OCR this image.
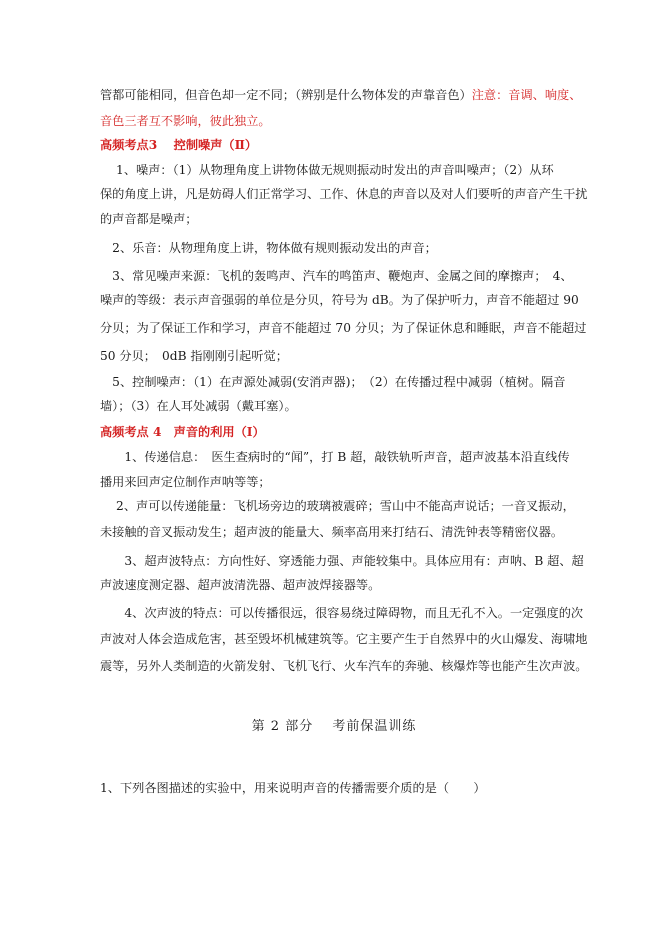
管都可能相同，但音色却一定不同；（辨别是什么物体发的声靠音色）注意：音调、响度、
音色三者互不影响，彼此独立。
高频考点3　 控制噪声（Ⅱ）
　 1、噪声：（1）从物理角度上讲物体做无规则振动时发出的声音叫噪声；（2）从环
保的角度上讲，凡是妨碍人们正常学习、工作、休息的声音以及对人们要听的声音产生干扰
的声音都是噪声；
　2、乐音：从物理角度上讲，物体做有规则振动发出的声音；
　3、常见噪声来源：飞机的轰鸣声、汽车的鸣笛声、鞭炮声、金属之间的摩擦声；　4、
噪声的等级：表示声音强弱的单位是分贝，符号为 dB。为了保护听力，声音不能超过 90
分贝；为了保证工作和学习，声音不能超过 70 分贝；为了保证休息和睡眠，声音不能超过
50 分贝；　0dB 指刚刚引起听觉；
　5、控制噪声：（1）在声源处减弱(安消声器)；　（2）在传播过程中减弱（植树。隔音
墙）；（3）在人耳处减弱（戴耳塞）。
高频考点 4　声音的利用（Ⅰ）
　　1、传递信息：　医生查病时的“闻”，打 B 超，敲铁轨听声音，超声波基本沿直线传
播用来回声定位制作声呐等等；
　 2、声可以传递能量：飞机场旁边的玻璃被震碎；雪山中不能高声说话；一音叉振动，
未接触的音叉振动发生；超声波的能量大、频率高用来打结石、清洗钟表等精密仪器。
　　3、超声波特点：方向性好、穿透能力强、声能较集中。具体应用有：声呐、B 超、超
声波速度测定器、超声波清洗器、超声波焊接器等。
　　4、次声波的特点：可以传播很远，很容易绕过障碍物，而且无孔不入。一定强度的次
声波对人体会造成危害，甚至毁坏机械建筑等。它主要产生于自然界中的火山爆发、海啸地
震等，另外人类制造的火箭发射、飞机飞行、火车汽车的奔驰、核爆炸等也能产生次声波。
第 2 部分　 考前保温训练
1、下列各图描述的实验中，用来说明声音的传播需要介质的是（　　）
